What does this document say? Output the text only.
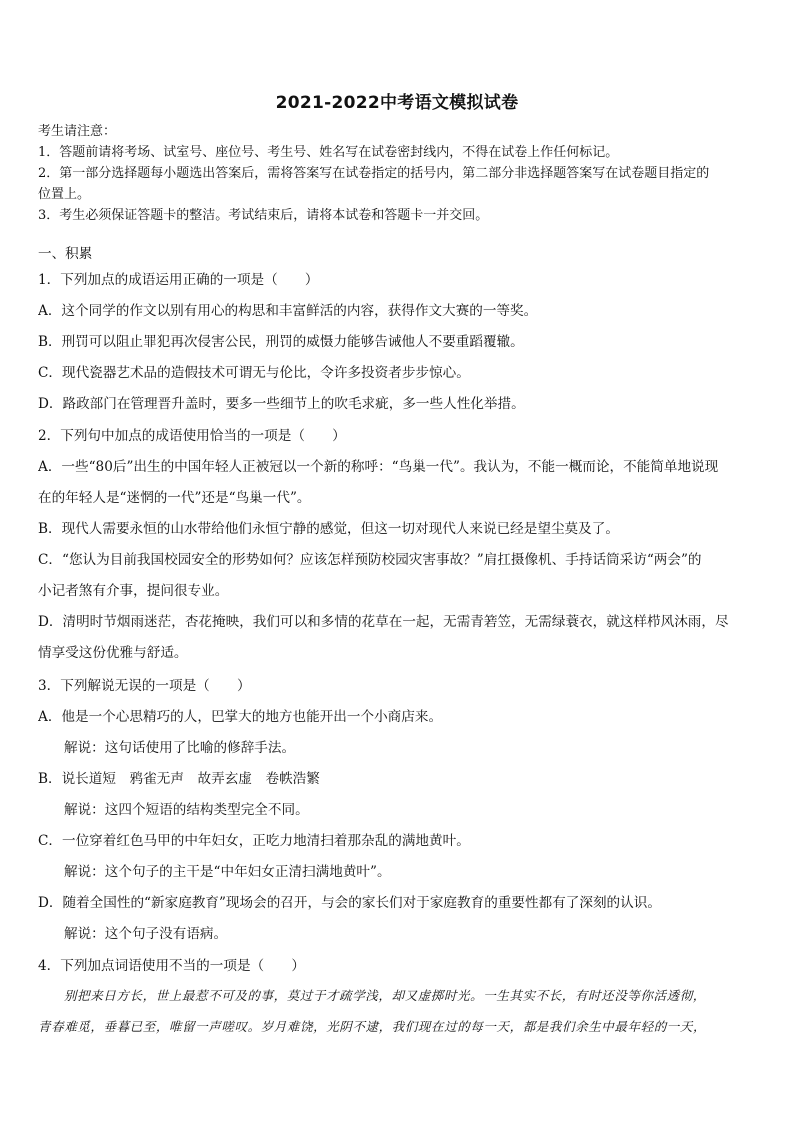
2021-2022中考语文模拟试卷

考生请注意：

1．答题前请将考场、试室号、座位号、考生号、姓名写在试卷密封线内，不得在试卷上作任何标记。

2．第一部分选择题每小题选出答案后，需将答案写在试卷指定的括号内，第二部分非选择题答案写在试卷题目指定的

位置上。

3．考生必须保证答题卡的整洁。考试结束后，请将本试卷和答题卡一并交回。

一、积累
1．下列加点的成语运用正确的一项是（　　）
A．这个同学的作文以别有用心的构思和丰富鲜活的内容，获得作文大赛的一等奖。
B．刑罚可以阻止罪犯再次侵害公民，刑罚的威慑力能够告诫他人不要重蹈覆辙。
C．现代瓷器艺术品的造假技术可谓无与伦比，令许多投资者步步惊心。
D．路政部门在管理晋升盖时，要多一些细节上的吹毛求疵，多一些人性化举措。
2．下列句中加点的成语使用恰当的一项是（　　）
A．一些“80后”出生的中国年轻人正被冠以一个新的称呼：“鸟巢一代”。我认为，不能一概而论，不能简单地说现
在的年轻人是“迷惘的一代”还是“鸟巢一代”。
B．现代人需要永恒的山水带给他们永恒宁静的感觉，但这一切对现代人来说已经是望尘莫及了。
C．“您认为目前我国校园安全的形势如何？应该怎样预防校园灾害事故？”肩扛摄像机、手持话筒采访“两会”的
小记者煞有介事，提问很专业。
D．清明时节烟雨迷茫，杏花掩映，我们可以和多情的花草在一起，无需青箬笠，无需绿蓑衣，就这样栉风沐雨，尽
情享受这份优雅与舒适。
3．下列解说无误的一项是（　　）
A．他是一个心思精巧的人，巴掌大的地方也能开出一个小商店来。
解说：这句话使用了比喻的修辞手法。
B．说长道短　鸦雀无声　故弄玄虚　卷帙浩繁
解说：这四个短语的结构类型完全不同。
C．一位穿着红色马甲的中年妇女，正吃力地清扫着那杂乱的满地黄叶。
解说：这个句子的主干是“中年妇女正清扫满地黄叶”。
D．随着全国性的“新家庭教育”现场会的召开，与会的家长们对于家庭教育的重要性都有了深刻的认识。
解说：这个句子没有语病。
4．下列加点词语使用不当的一项是（　　）

别把来日方长，世上最惹不可及的事，莫过于才疏学浅，却又虚掷时光。一生其实不长，有时还没等你活透彻，

青春难觅，垂暮已至，唯留一声嗟叹。岁月难饶，光阴不逮，我们现在过的每一天，都是我们余生中最年轻的一天，
